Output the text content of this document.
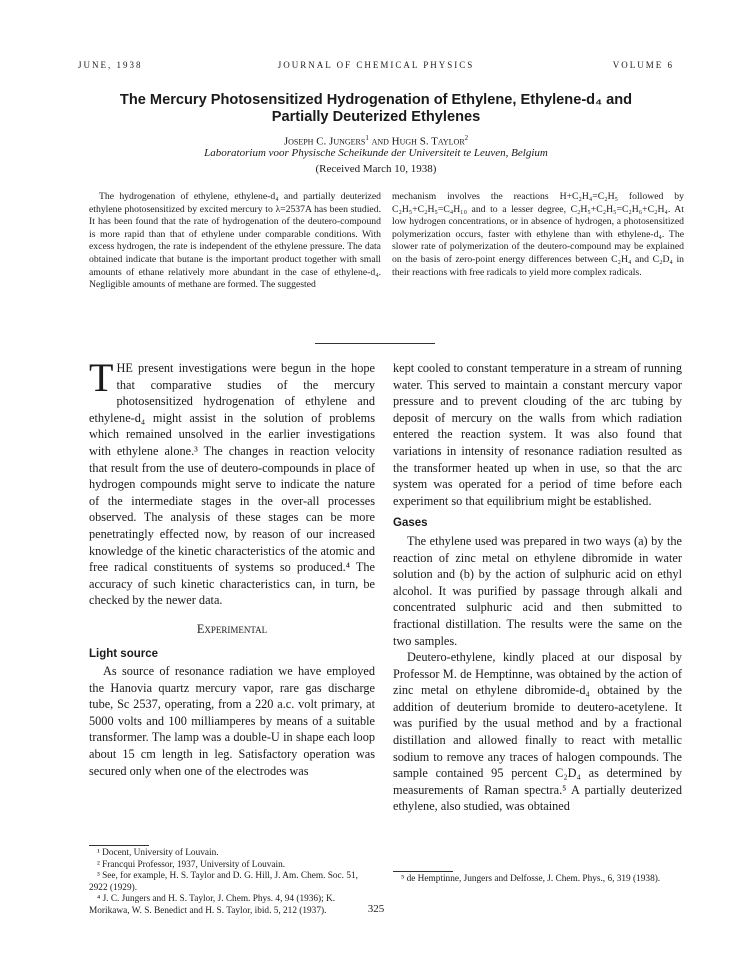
JUNE, 1938	JOURNAL OF CHEMICAL PHYSICS	VOLUME 6
The Mercury Photosensitized Hydrogenation of Ethylene, Ethylene-d₄ and
Partially Deuterized Ethylenes
Joseph C. Jungers$^1$ and Hugh S. Taylor$^2$
Laboratorium voor Physische Scheikunde der Universiteit te Leuven, Belgium
(Received March 10, 1938)
The hydrogenation of ethylene, ethylene-d₄ and partially deuterized ethylene photosensitized by excited mercury to λ=2537A has been studied. It has been found that the rate of hydrogenation of the deutero-compound is more rapid than that of ethylene under comparable conditions. With excess hydrogen, the rate is independent of the ethylene pressure. The data obtained indicate that butane is the important product together with small amounts of ethane relatively more abundant in the case of ethylene-d₄. Negligible amounts of methane are formed. The suggested
mechanism involves the reactions H+C₂H₄=C₂H₅ followed by C₂H₅+C₂H₅=C₄H₁₀ and to a lesser degree, C₂H₅+C₂H₅=C₂H₆+C₂H₄. At low hydrogen concentrations, or in absence of hydrogen, a photosensitized polymerization occurs, faster with ethylene than with ethylene-d₄. The slower rate of polymerization of the deutero-compound may be explained on the basis of zero-point energy differences between C₂H₄ and C₂D₄ in their reactions with free radicals to yield more complex radicals.

THE present investigations were begun in the hope that comparative studies of the mercury photosensitized hydrogenation of ethylene and ethylene-d₄ might assist in the solution of problems which remained unsolved in the earlier investigations with ethylene alone.³ The changes in reaction velocity that result from the use of deutero-compounds in place of hydrogen compounds might serve to indicate the nature of the intermediate stages in the over-all processes observed. The analysis of these stages can be more penetratingly effected now, by reason of our increased knowledge of the kinetic characteristics of the atomic and free radical constituents of systems so produced.⁴ The accuracy of such kinetic characteristics can, in turn, be checked by the newer data.

Experimental
Light source

As source of resonance radiation we have employed the Hanovia quartz mercury vapor, rare gas discharge tube, Sc 2537, operating, from a 220 a.c. volt primary, at 5000 volts and 100 milliamperes by means of a suitable transformer. The lamp was a double-U in shape each loop about 15 cm length in leg. Satisfactory operation was secured only when one of the electrodes was

kept cooled to constant temperature in a stream of running water. This served to maintain a constant mercury vapor pressure and to prevent clouding of the arc tubing by deposit of mercury on the walls from which radiation entered the reaction system. It was also found that variations in intensity of resonance radiation resulted as the transformer heated up when in use, so that the arc system was operated for a period of time before each experiment so that equilibrium might be established.

Gases

The ethylene used was prepared in two ways (a) by the reaction of zinc metal on ethylene dibromide in water solution and (b) by the action of sulphuric acid on ethyl alcohol. It was purified by passage through alkali and concentrated sulphuric acid and then submitted to fractional distillation. The results were the same on the two samples.

Deutero-ethylene, kindly placed at our disposal by Professor M. de Hemptinne, was obtained by the action of zinc metal on ethylene dibromide-d₄ obtained by the addition of deuterium bromide to deutero-acetylene. It was purified by the usual method and by a fractional distillation and allowed finally to react with metallic sodium to remove any traces of halogen compounds. The sample contained 95 percent C₂D₄ as determined by measurements of Raman spectra.⁵ A partially deuterized ethylene, also studied, was obtained

¹ Docent, University of Louvain.
² Francqui Professor, 1937, University of Louvain.
³ See, for example, H. S. Taylor and D. G. Hill, J. Am. Chem. Soc. 51, 2922 (1929).
⁴ J. C. Jungers and H. S. Taylor, J. Chem. Phys. 4, 94 (1936); K. Morikawa, W. S. Benedict and H. S. Taylor, ibid. 5, 212 (1937).
⁵ de Hemptinne, Jungers and Delfosse, J. Chem. Phys., 6, 319 (1938).
325
